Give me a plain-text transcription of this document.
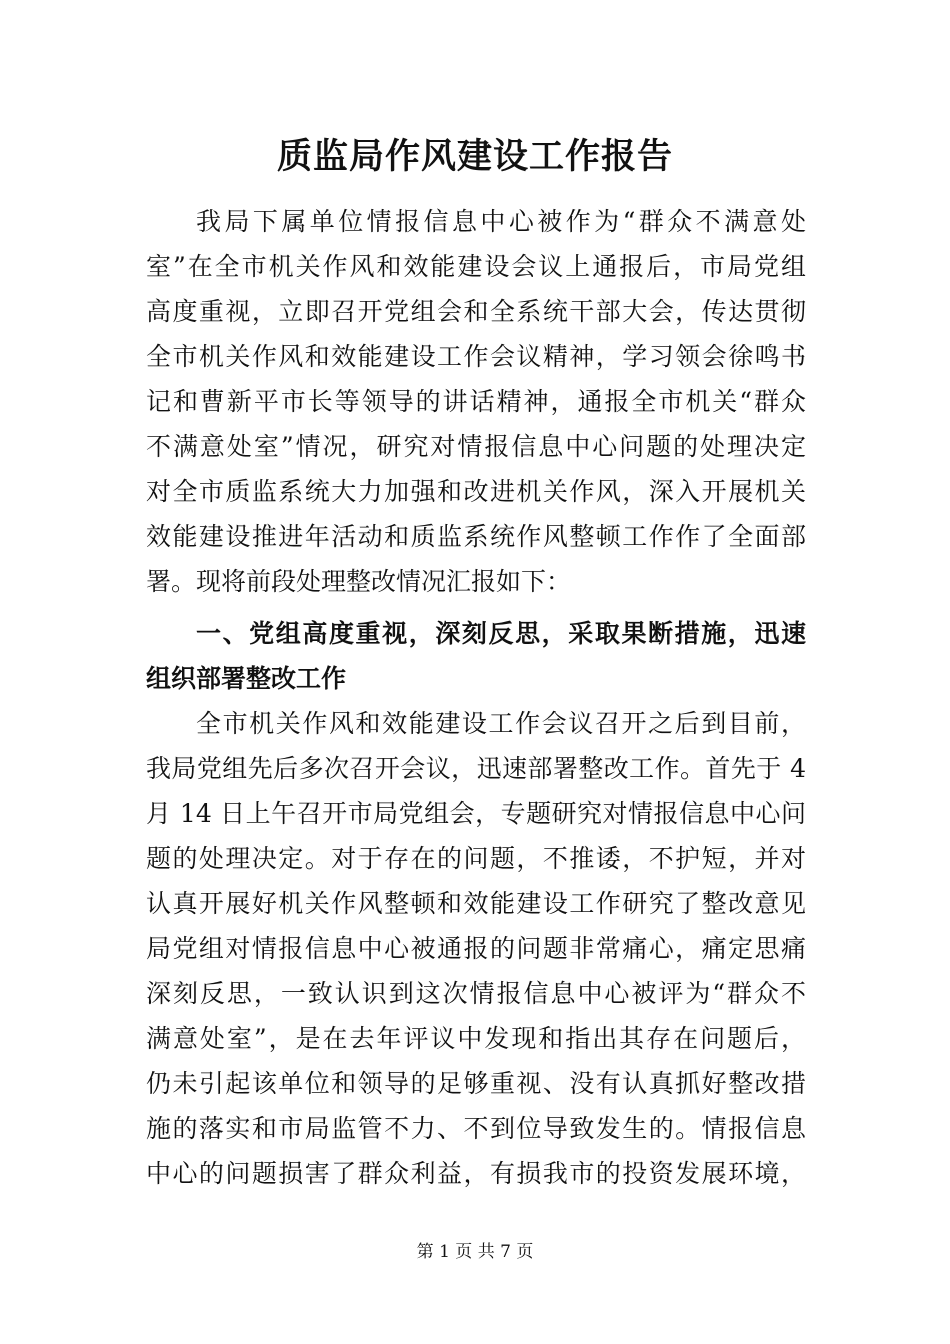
质监局作风建设工作报告
我局下属单位情报信息中心被作为“群众不满意处
室”在全市机关作风和效能建设会议上通报后，市局党组
高度重视，立即召开党组会和全系统干部大会，传达贯彻
全市机关作风和效能建设工作会议精神，学习领会徐鸣书
记和曹新平市长等领导的讲话精神，通报全市机关“群众
不满意处室”情况，研究对情报信息中心问题的处理决定
对全市质监系统大力加强和改进机关作风，深入开展机关
效能建设推进年活动和质监系统作风整顿工作作了全面部
署。现将前段处理整改情况汇报如下：
一、党组高度重视，深刻反思，采取果断措施，迅速
组织部署整改工作
全市机关作风和效能建设工作会议召开之后到目前，
我局党组先后多次召开会议，迅速部署整改工作。首先于 4
月 14 日上午召开市局党组会，专题研究对情报信息中心问
题的处理决定。对于存在的问题，不推诿，不护短，并对
认真开展好机关作风整顿和效能建设工作研究了整改意见
局党组对情报信息中心被通报的问题非常痛心，痛定思痛
深刻反思，一致认识到这次情报信息中心被评为“群众不
满意处室”，是在去年评议中发现和指出其存在问题后，
仍未引起该单位和领导的足够重视、没有认真抓好整改措
施的落实和市局监管不力、不到位导致发生的。情报信息
中心的问题损害了群众利益，有损我市的投资发展环境，
第 1 页 共 7 页
